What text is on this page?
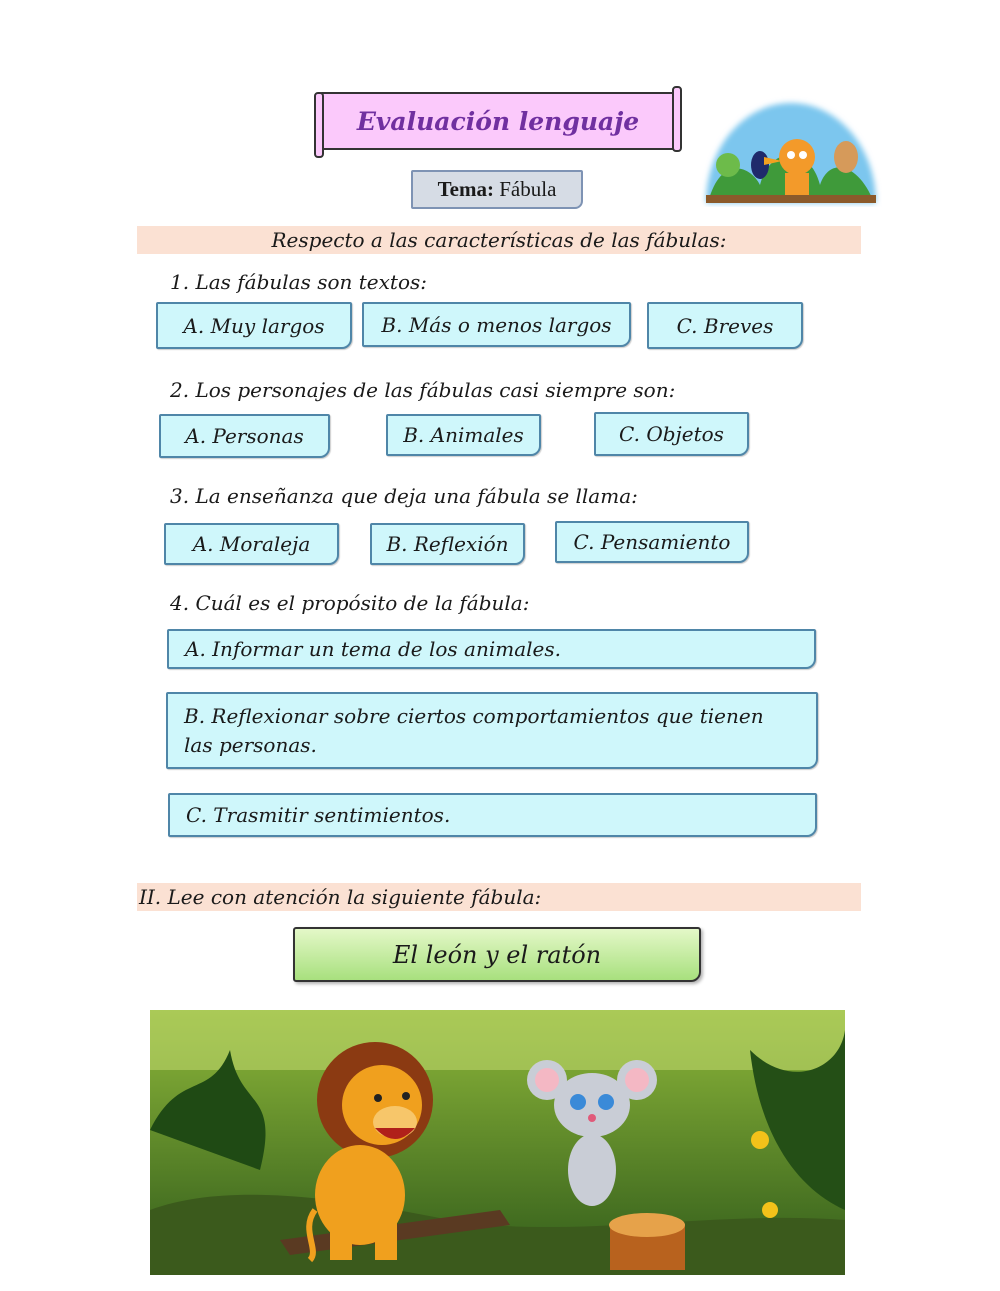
Evaluación lenguaje
Tema:
Fábula
Respecto a las características de las fábulas:
1. Las fábulas son textos:
A. Muy largos	B. Más o menos largos	C. Breves
2. Los personajes de las fábulas casi siempre son:
A. Personas	B. Animales	C. Objetos
3. La enseñanza que deja una fábula se llama:
A. Moraleja	B. Reflexión	C. Pensamiento
4. Cuál es el propósito de la fábula:
A. Informar un tema de los animales.
B. Reflexionar sobre ciertos comportamientos que tienen las personas.
C. Trasmitir sentimientos.
II. Lee con atención la siguiente fábula:
El león y el ratón
